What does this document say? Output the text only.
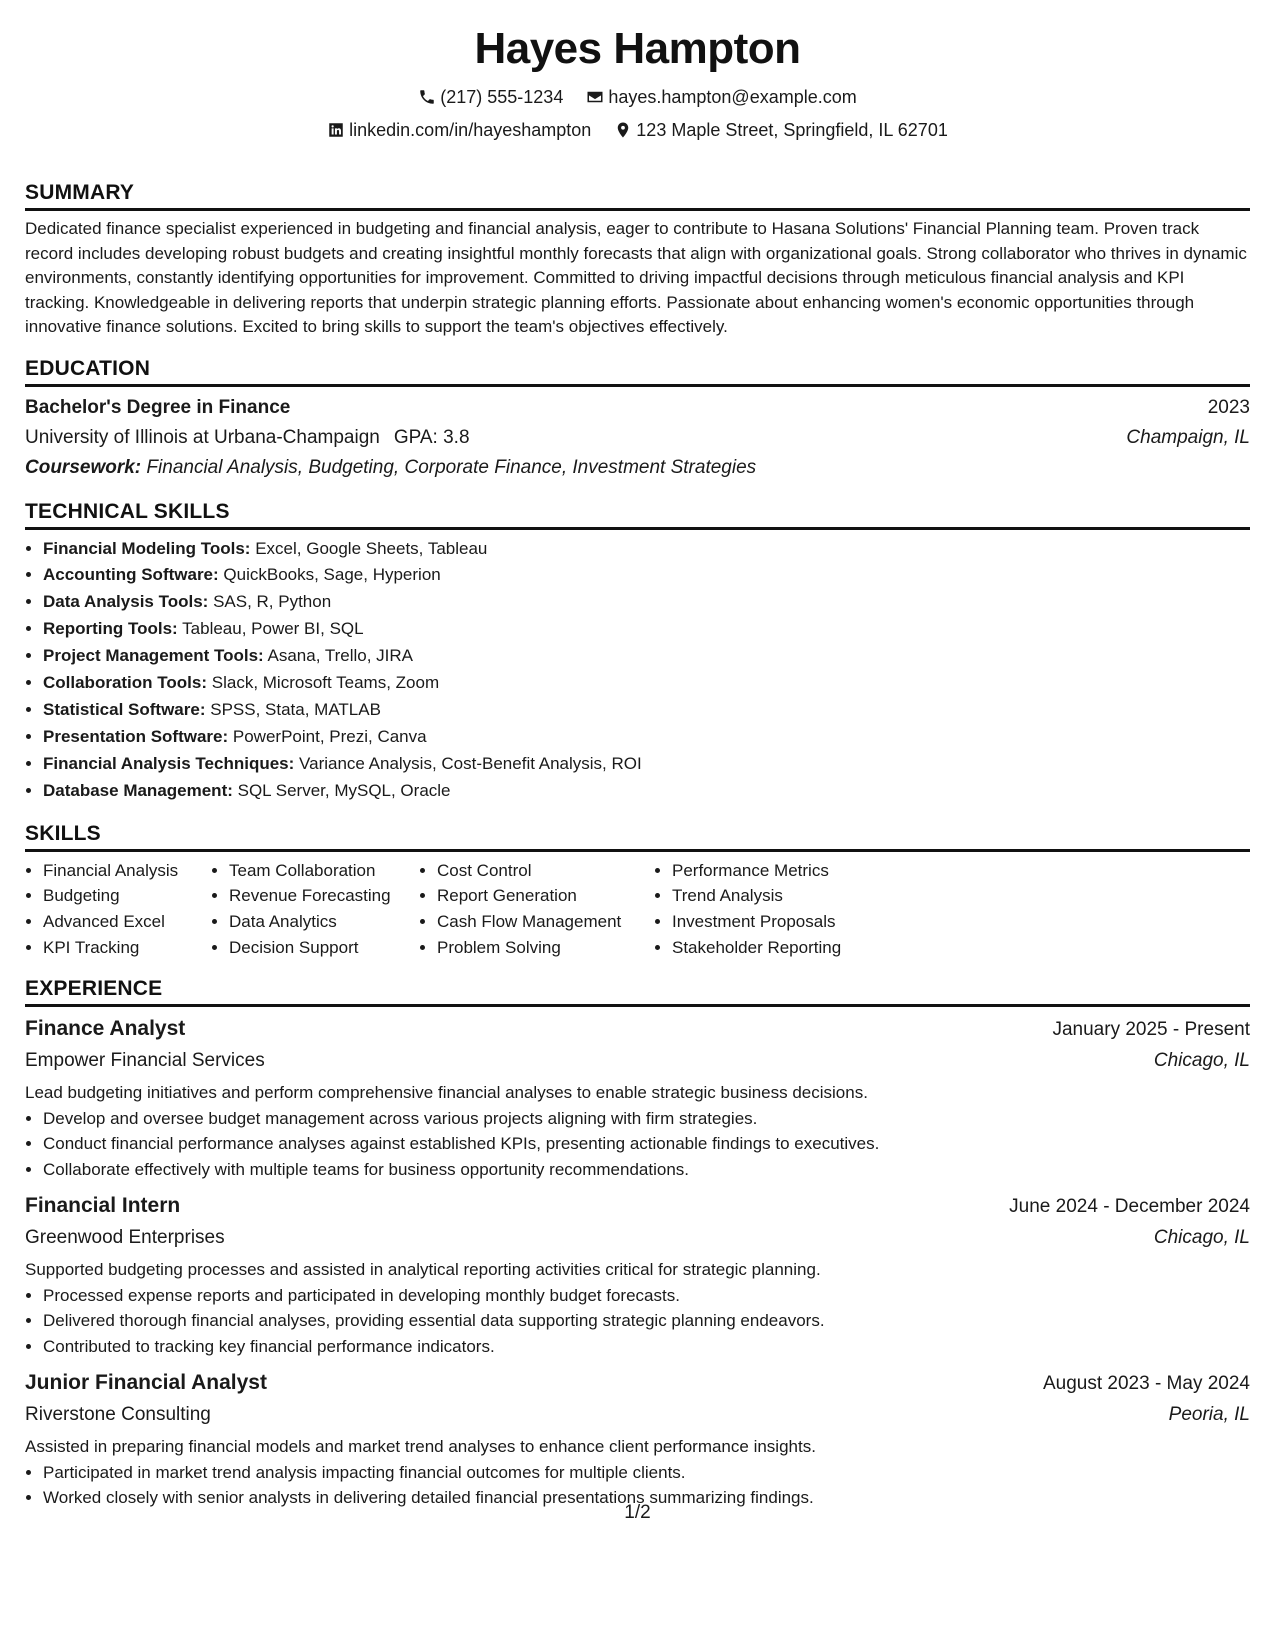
Hayes Hampton
(217) 555-1234
	hayes.hampton@example.com
linkedin.com/in/hayeshampton
	123 Maple Street, Springfield, IL 62701
SUMMARY

Dedicated finance specialist experienced in budgeting and financial analysis, eager to contribute to Hasana Solutions' Financial Planning team. Proven track record includes developing robust budgets and creating insightful monthly forecasts that align with organizational goals. Strong collaborator who thrives in dynamic environments, constantly identifying opportunities for improvement. Committed to driving impactful decisions through meticulous financial analysis and KPI tracking. Knowledgeable in delivering reports that underpin strategic planning efforts. Passionate about enhancing women's economic opportunities through innovative finance solutions. Excited to bring skills to support the team's objectives effectively.

EDUCATION
Bachelor's Degree in Finance	2023
University of Illinois at Urbana-Champaign GPA: 3.8	Champaign, IL
Coursework: Financial Analysis, Budgeting, Corporate Finance, Investment Strategies
TECHNICAL SKILLS
• Financial Modeling Tools: Excel, Google Sheets, Tableau
• Accounting Software: QuickBooks, Sage, Hyperion
• Data Analysis Tools: SAS, R, Python
• Reporting Tools: Tableau, Power BI, SQL
• Project Management Tools: Asana, Trello, JIRA
• Collaboration Tools: Slack, Microsoft Teams, Zoom
• Statistical Software: SPSS, Stata, MATLAB
• Presentation Software: PowerPoint, Prezi, Canva
• Financial Analysis Techniques: Variance Analysis, Cost-Benefit Analysis, ROI
• Database Management: SQL Server, MySQL, Oracle
SKILLS
• Financial Analysis
• Budgeting
• Advanced Excel
• KPI Tracking
• Team Collaboration
• Revenue Forecasting
• Data Analytics
• Decision Support
• Cost Control
• Report Generation
• Cash Flow Management
• Problem Solving
• Performance Metrics
• Trend Analysis
• Investment Proposals
• Stakeholder Reporting
EXPERIENCE
Finance Analyst	January 2025 - Present
Empower Financial Services	Chicago, IL
Lead budgeting initiatives and perform comprehensive financial analyses to enable strategic business decisions.
• Develop and oversee budget management across various projects aligning with firm strategies.
• Conduct financial performance analyses against established KPIs, presenting actionable findings to executives.
• Collaborate effectively with multiple teams for business opportunity recommendations.
Financial Intern	June 2024 - December 2024
Greenwood Enterprises	Chicago, IL
Supported budgeting processes and assisted in analytical reporting activities critical for strategic planning.
• Processed expense reports and participated in developing monthly budget forecasts.
• Delivered thorough financial analyses, providing essential data supporting strategic planning endeavors.
• Contributed to tracking key financial performance indicators.
Junior Financial Analyst	August 2023 - May 2024
Riverstone Consulting	Peoria, IL
Assisted in preparing financial models and market trend analyses to enhance client performance insights.
• Participated in market trend analysis impacting financial outcomes for multiple clients.
• Worked closely with senior analysts in delivering detailed financial presentations summarizing findings.
1/2
